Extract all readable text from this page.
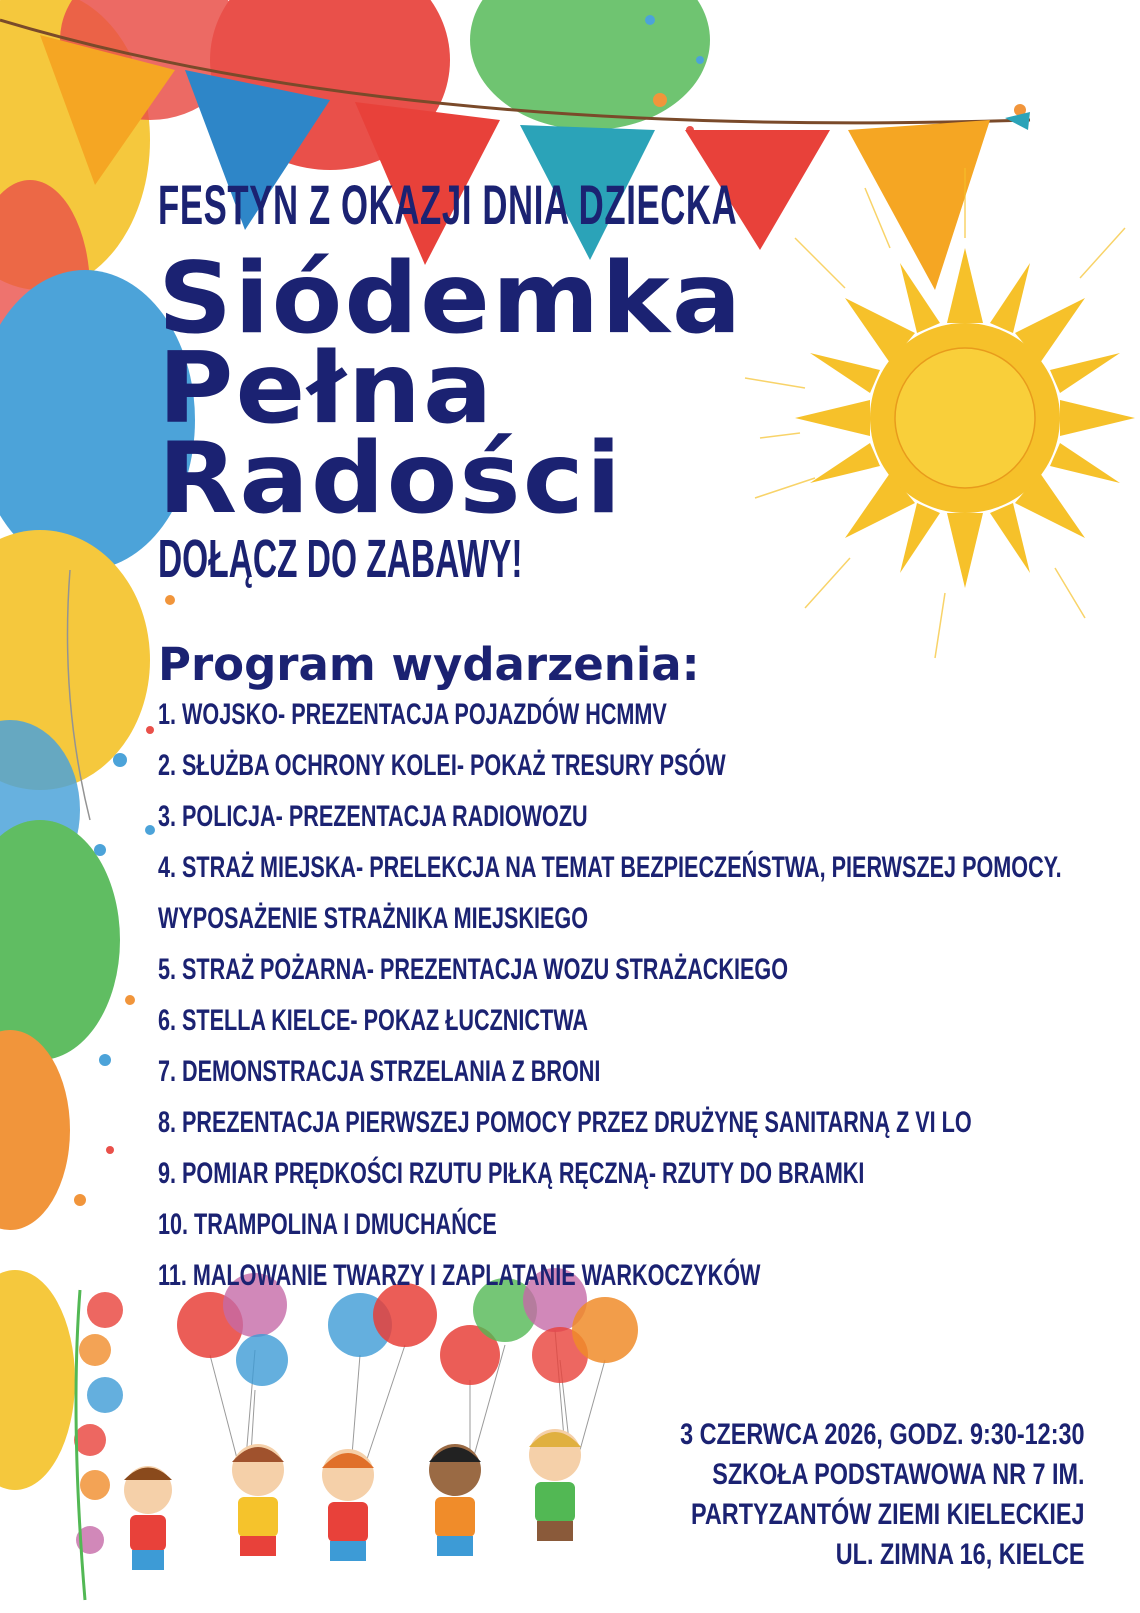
FESTYN Z OKAZJI DNIA DZIECKA
Siódemka
Pełna
Radości
DOŁĄCZ DO ZABAWY!
Program wydarzenia:
1. WOJSKO- PREZENTACJA POJAZDÓW HCMMV
2. SŁUŻBA OCHRONY KOLEI- POKAŻ TRESURY PSÓW
3. POLICJA- PREZENTACJA RADIOWOZU
4. STRAŻ MIEJSKA- PRELEKCJA NA TEMAT BEZPIECZEŃSTWA, PIERWSZEJ POMOCY.
WYPOSAŻENIE STRAŻNIKA MIEJSKIEGO
5. STRAŻ POŻARNA- PREZENTACJA WOZU STRAŻACKIEGO
6. STELLA KIELCE- POKAZ ŁUCZNICTWA
7. DEMONSTRACJA STRZELANIA Z BRONI
8. PREZENTACJA PIERWSZEJ POMOCY PRZEZ DRUŻYNĘ SANITARNĄ Z VI LO
9. POMIAR PRĘDKOŚCI RZUTU PIŁKĄ RĘCZNĄ- RZUTY DO BRAMKI
10. TRAMPOLINA I DMUCHAŃCE
11. MALOWANIE TWARZY I ZAPLATANIE WARKOCZYKÓW
3 CZERWCA 2026, GODZ. 9:30-12:30
SZKOŁA PODSTAWOWA NR 7 IM.
PARTYZANTÓW ZIEMI KIELECKIEJ
UL. ZIMNA 16, KIELCE
